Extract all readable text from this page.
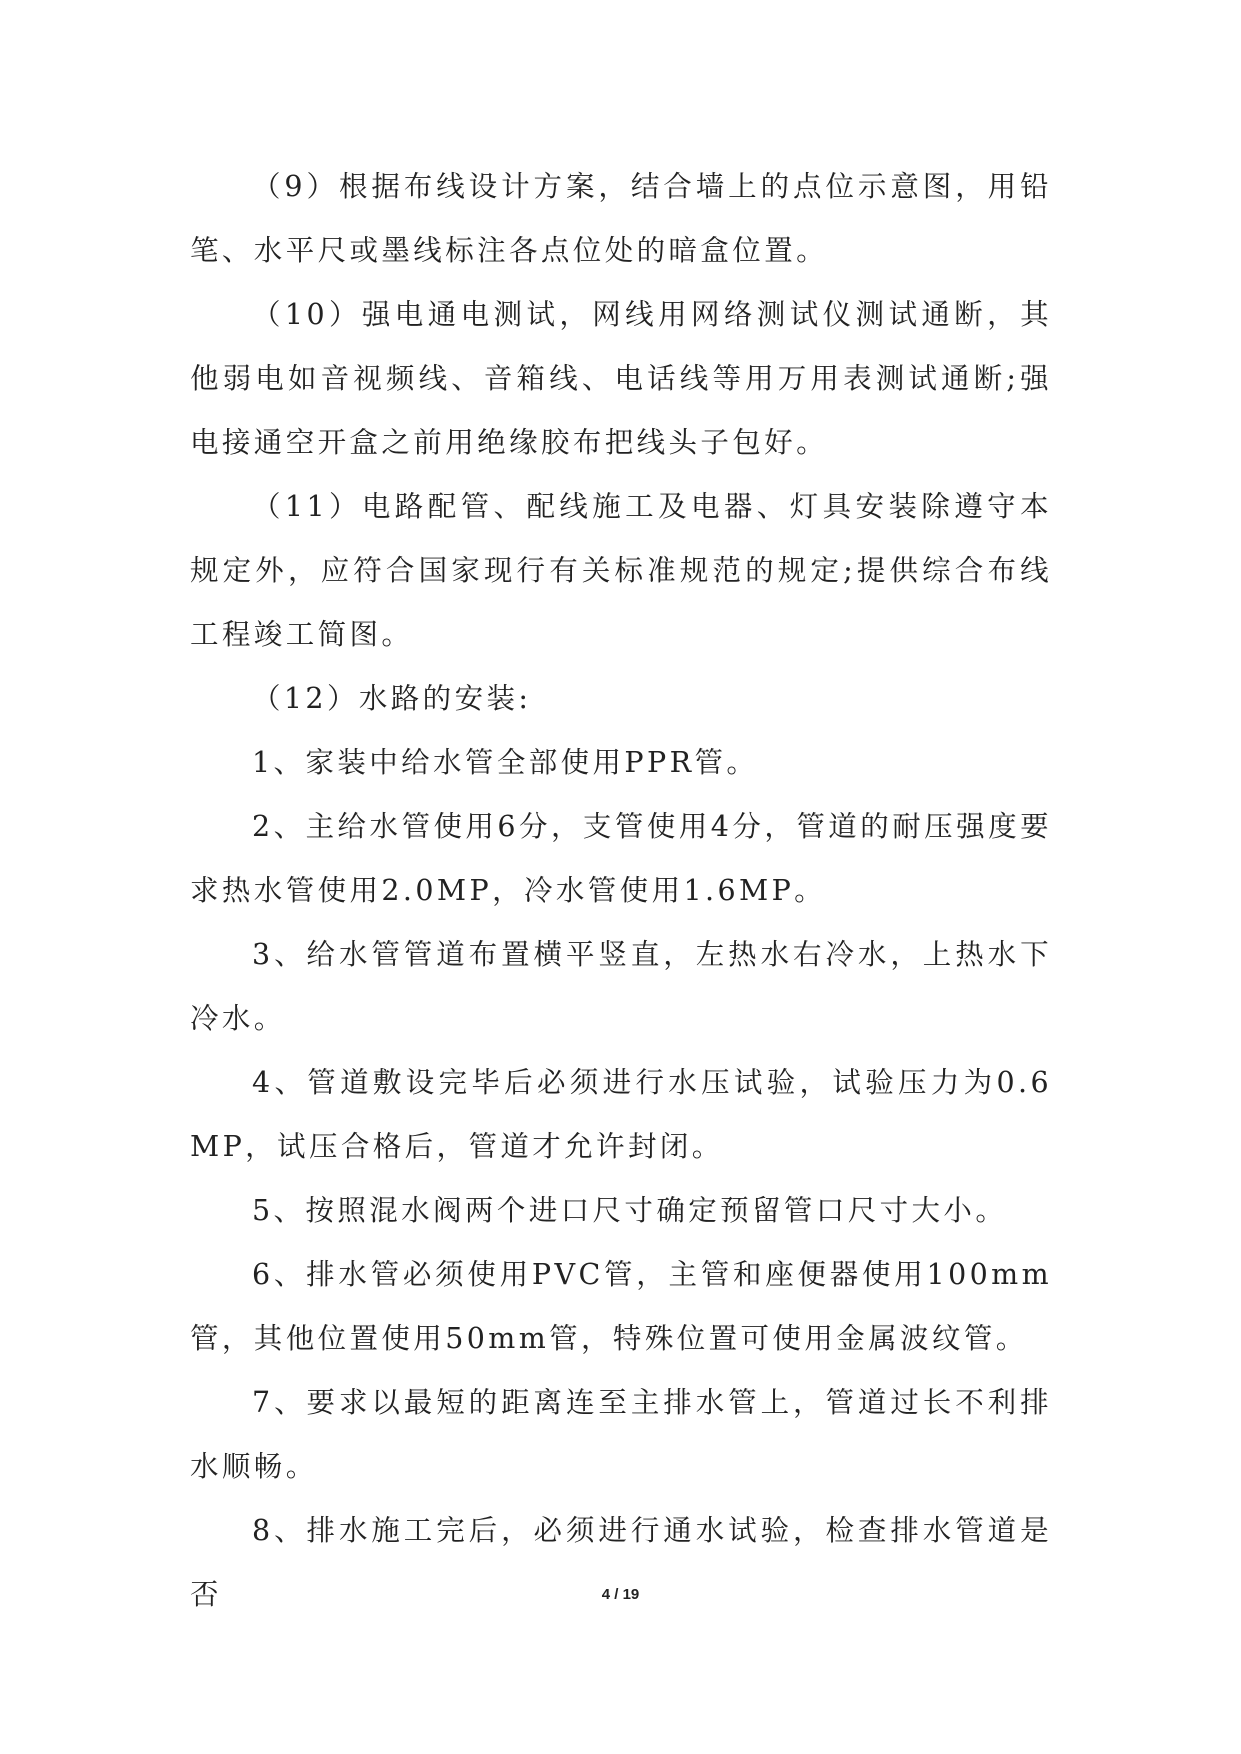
（9）根据布线设计方案，结合墙上的点位示意图，用铅笔、水平尺或墨线标注各点位处的暗盒位置。

（10）强电通电测试，网线用网络测试仪测试通断，其他弱电如音视频线、音箱线、电话线等用万用表测试通断;强电接通空开盒之前用绝缘胶布把线头子包好。

（11）电路配管、配线施工及电器、灯具安装除遵守本规定外，应符合国家现行有关标准规范的规定;提供综合布线工程竣工简图。

（12）水路的安装:

1、家装中给水管全部使用PPR管。

2、主给水管使用6分，支管使用4分，管道的耐压强度要求热水管使用2.0MP，冷水管使用1.6MP。

3、给水管管道布置横平竖直，左热水右冷水，上热水下冷水。

4、管道敷设完毕后必须进行水压试验，试验压力为0.6MP，试压合格后，管道才允许封闭。

5、按照混水阀两个进口尺寸确定预留管口尺寸大小。

6、排水管必须使用PVC管，主管和座便器使用100mm管，其他位置使用50mm管，特殊位置可使用金属波纹管。

7、要求以最短的距离连至主排水管上，管道过长不利排水顺畅。

8、排水施工完后，必须进行通水试验，检查排水管道是否	4 / 19
